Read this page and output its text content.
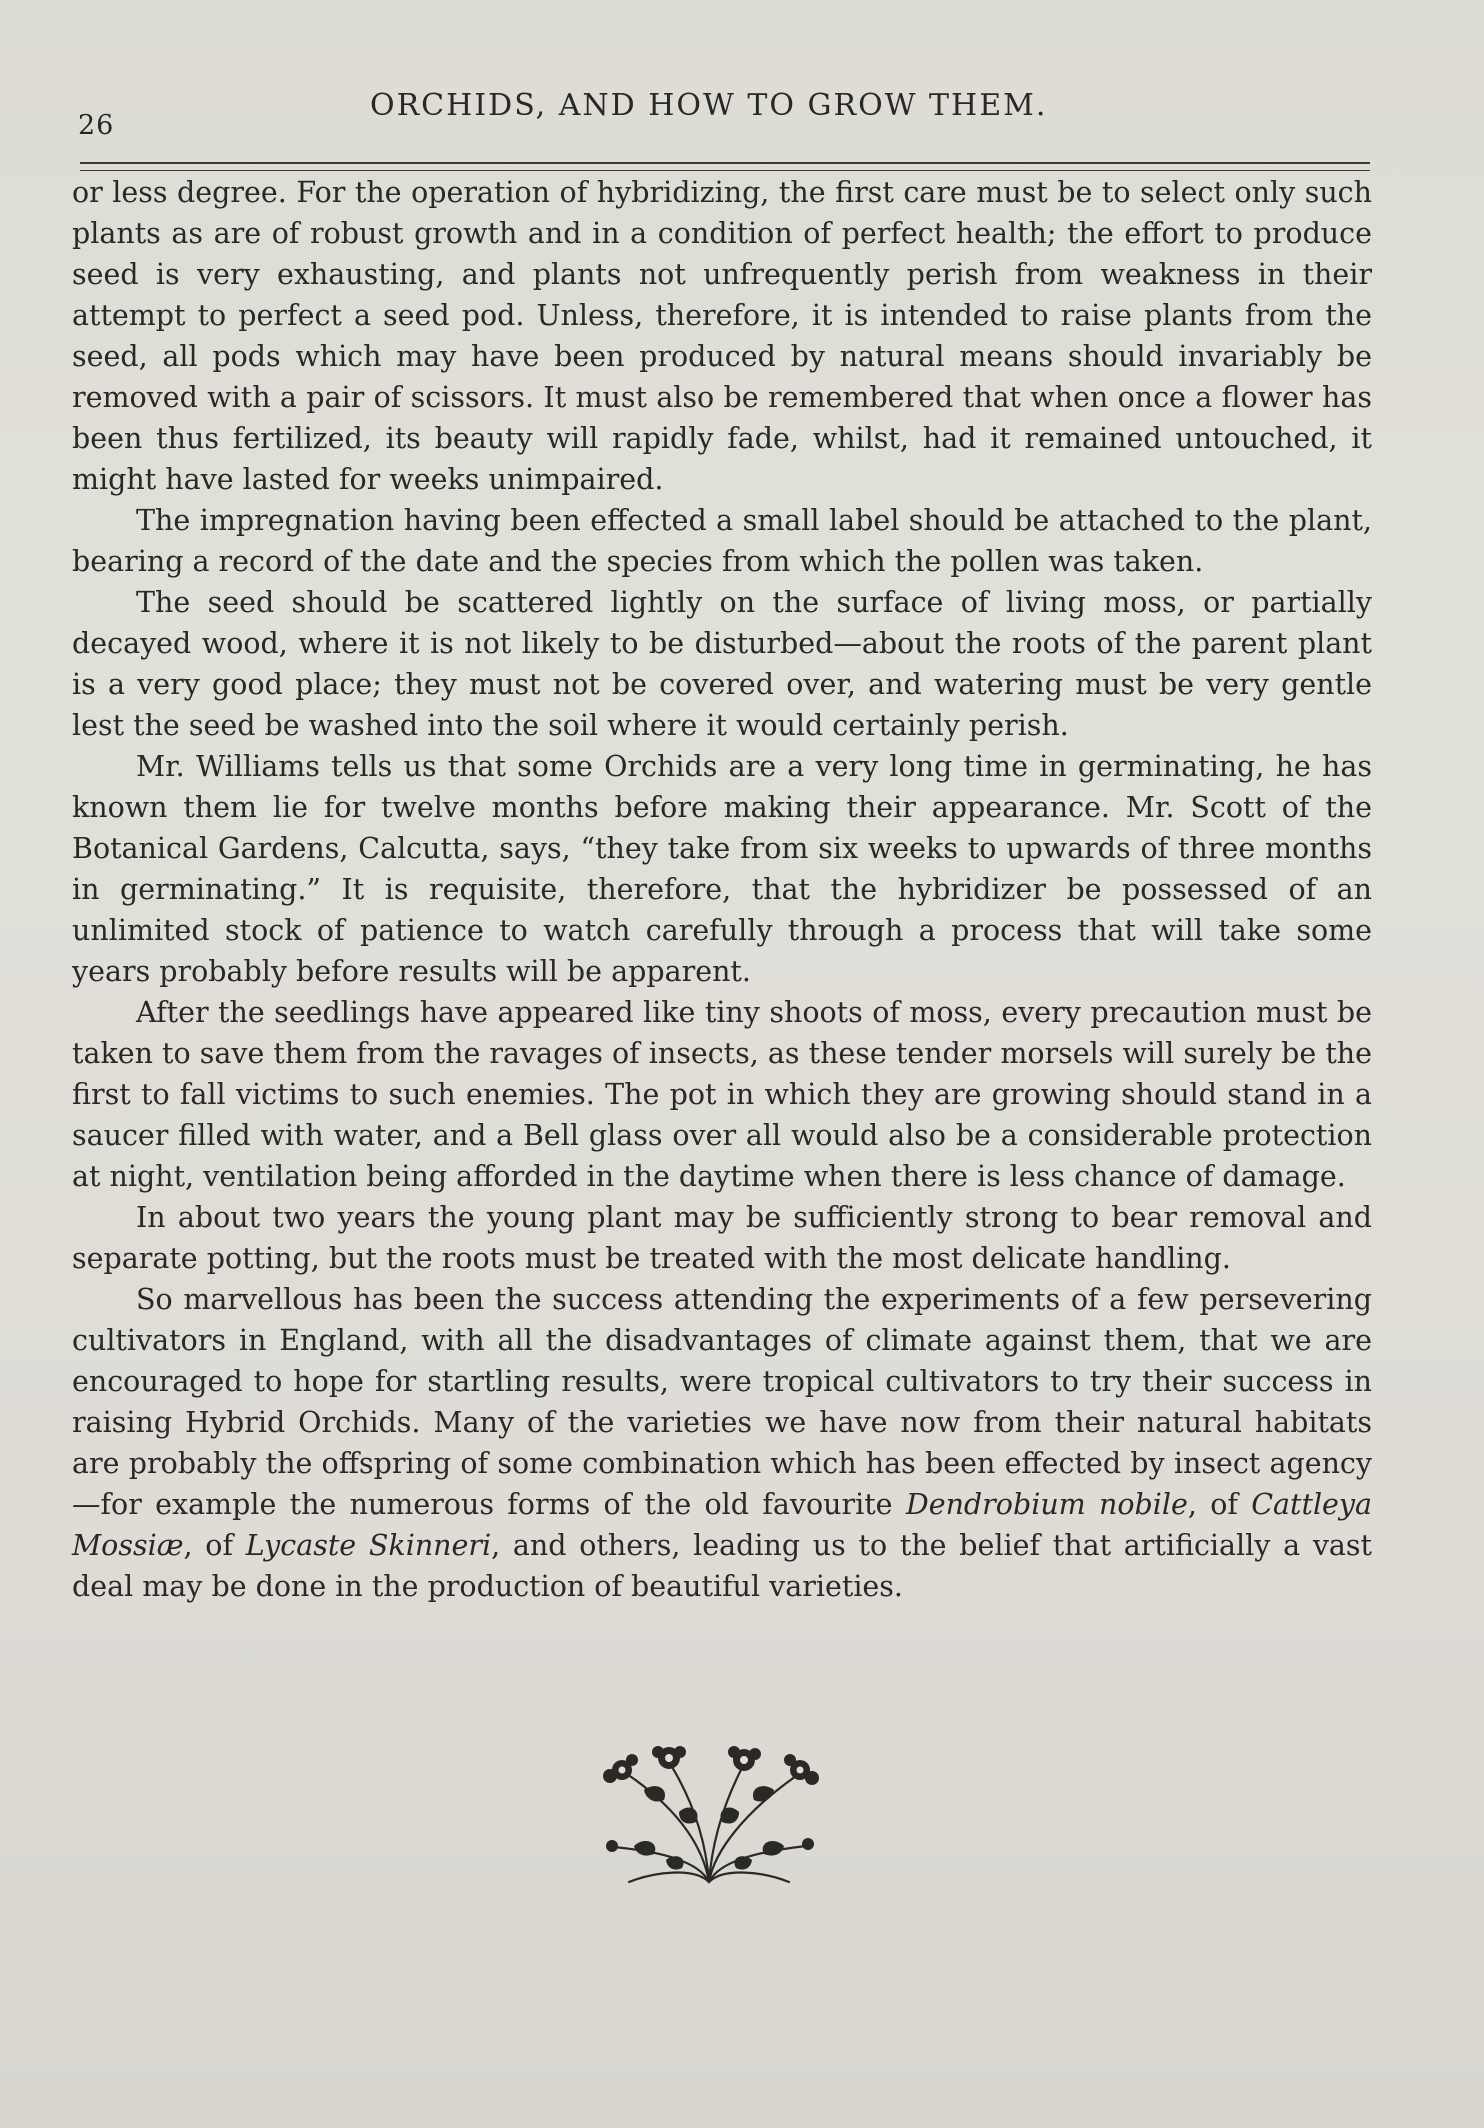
26
ORCHIDS, AND HOW TO GROW THEM.

or less degree. For the operation of hybridizing, the first care must be to select only such plants as are of robust growth and in a condition of perfect health; the effort to produce seed is very exhausting, and plants not unfrequently perish from weakness in their attempt to perfect a seed pod. Unless, therefore, it is intended to raise plants from the seed, all pods which may have been produced by natural means should invariably be removed with a pair of scissors. It must also be remembered that when once a flower has been thus fertilized, its beauty will rapidly fade, whilst, had it remained untouched, it might have lasted for weeks unimpaired.

The impregnation having been effected a small label should be attached to the plant, bearing a record of the date and the species from which the pollen was taken.

The seed should be scattered lightly on the surface of living moss, or partially decayed wood, where it is not likely to be disturbed—about the roots of the parent plant is a very good place; they must not be covered over, and watering must be very gentle lest the seed be washed into the soil where it would certainly perish.

Mr. Williams tells us that some Orchids are a very long time in germinating, he has known them lie for twelve months before making their appearance. Mr. Scott of the Botanical Gardens, Calcutta, says, “they take from six weeks to upwards of three months in germinating.” It is requisite, therefore, that the hybridizer be possessed of an unlimited stock of patience to watch carefully through a process that will take some years probably before results will be apparent.

After the seedlings have appeared like tiny shoots of moss, every precaution must be taken to save them from the ravages of insects, as these tender morsels will surely be the first to fall victims to such enemies. The pot in which they are growing should stand in a saucer filled with water, and a Bell glass over all would also be a considerable protection at night, ventilation being afforded in the daytime when there is less chance of damage.

In about two years the young plant may be sufficiently strong to bear removal and separate potting, but the roots must be treated with the most delicate handling.

So marvellous has been the success attending the experiments of a few persevering cultivators in England, with all the disadvantages of climate against them, that we are encouraged to hope for startling results, were tropical cultivators to try their success in raising Hybrid Orchids. Many of the varieties we have now from their natural habitats are probably the offspring of some combination which has been effected by insect agency—for example the numerous forms of the old favourite Dendrobium nobile, of Cattleya Mossiæ, of Lycaste Skinneri, and others, leading us to the belief that artificially a vast deal may be done in the production of beautiful varieties.
